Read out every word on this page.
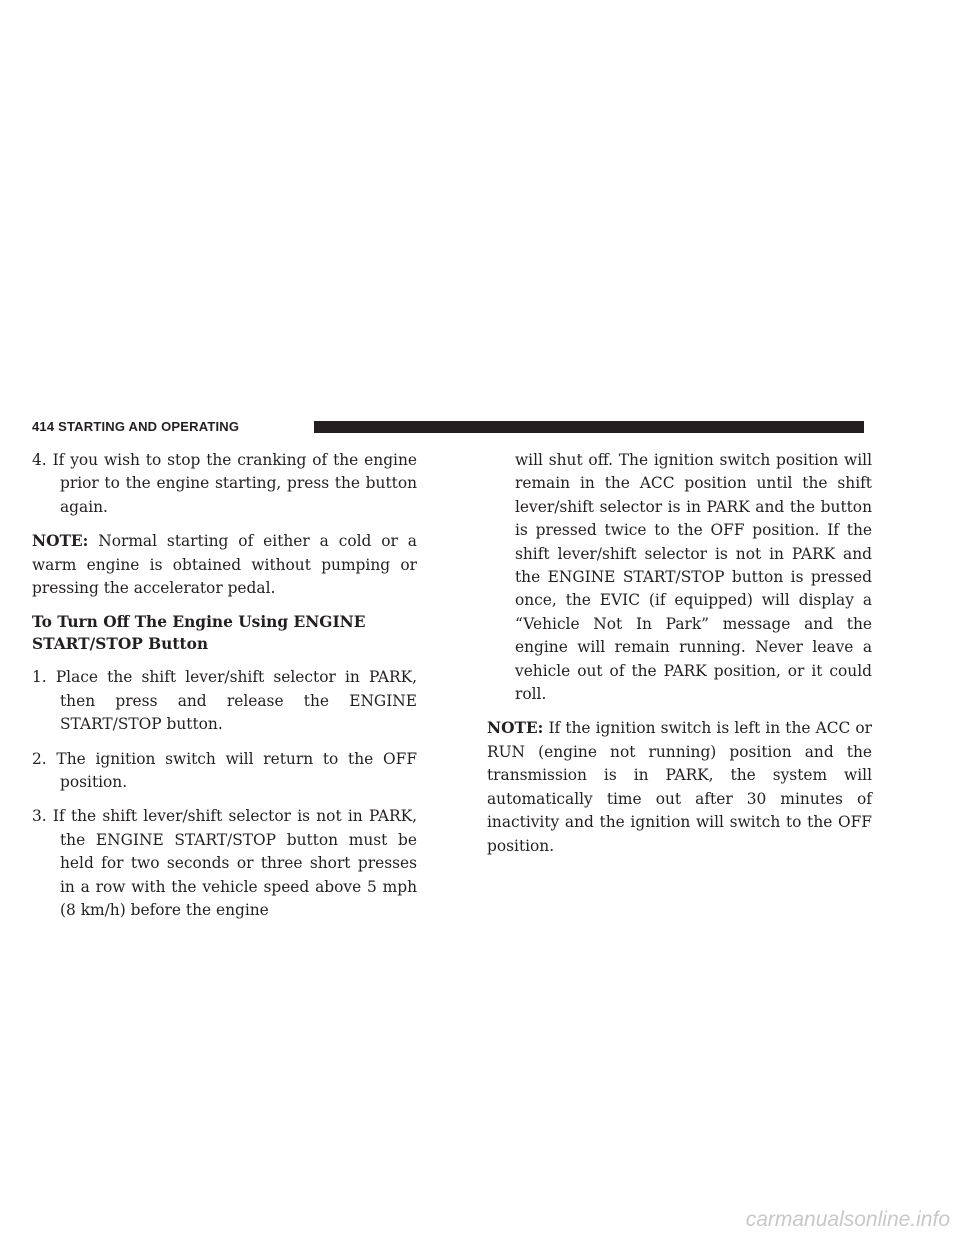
414 STARTING AND OPERATING

4. If you wish to stop the cranking of the engine prior to the engine starting, press the button again.

NOTE: Normal starting of either a cold or a warm engine is obtained without pumping or pressing the accelerator pedal.

To Turn Off The Engine Using ENGINE
START/STOP Button

1. Place the shift lever/shift selector in PARK, then press and release the ENGINE START/STOP button.

2. The ignition switch will return to the OFF position.

3. If the shift lever/shift selector is not in PARK, the ENGINE START/STOP button must be held for two seconds or three short presses in a row with the vehicle speed above 5 mph (8 km/h) before the engine

will shut off. The ignition switch position will remain in the ACC position until the shift lever/shift selector is in PARK and the button is pressed twice to the OFF position. If the shift lever/shift selector is not in PARK and the ENGINE START/STOP button is pressed once, the EVIC (if equipped) will display a “Vehicle Not In Park” message and the engine will remain running. Never leave a vehicle out of the PARK position, or it could roll.

NOTE: If the ignition switch is left in the ACC or RUN (engine not running) position and the transmission is in PARK, the system will automatically time out after 30 minutes of inactivity and the ignition will switch to the OFF position.

carmanualsonline.info
